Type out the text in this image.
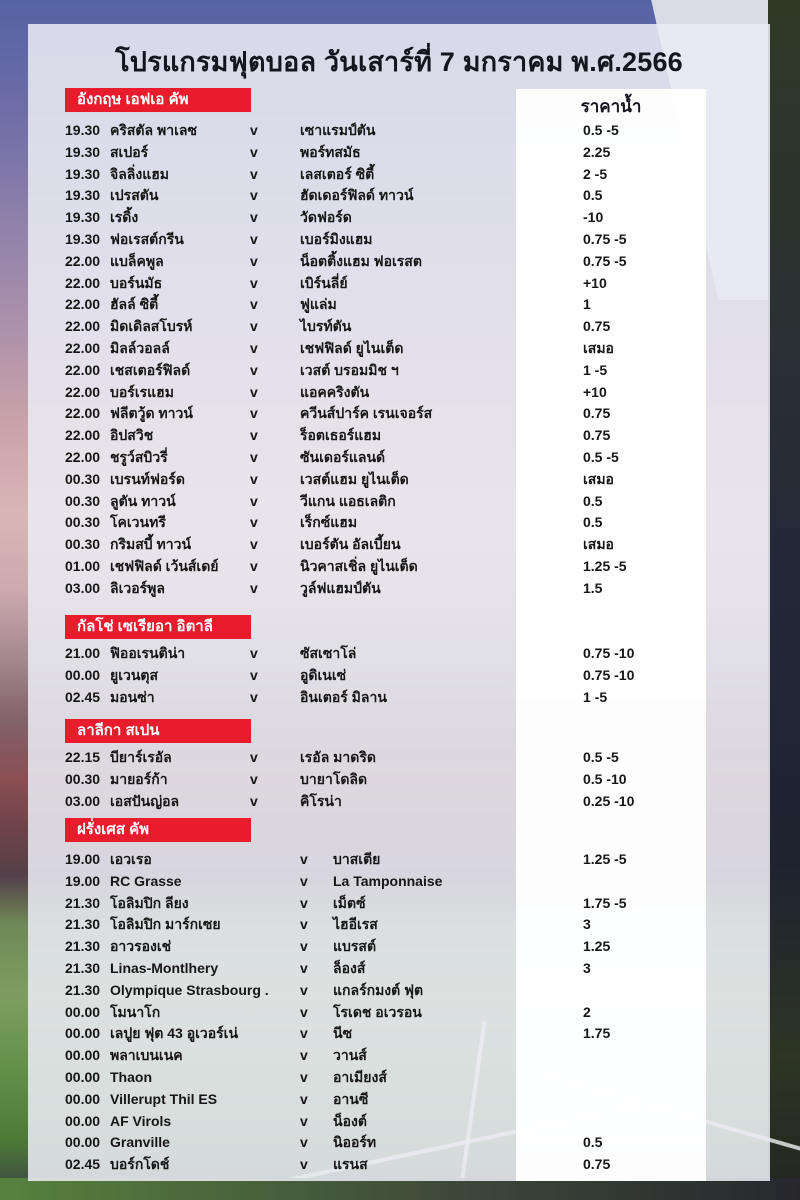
โปรแกรมฟุตบอล วันเสาร์ที่ 7 มกราคม พ.ศ.2566
ราคาน้ำ
อังกฤษ เอฟเอ คัพ
19.30 คริสตัล พาเลซ	v	เซาแรมป์ตัน	0.5 -5
19.30 สเปอร์	v	พอร์ทสมัธ	2.25
19.30 จิลลิ่งแฮม	v	เลสเตอร์ ซิตี้	2 -5
19.30 เปรสตัน	v	ฮัดเดอร์ฟิลด์ ทาวน์	0.5
19.30 เรดิ้ง	v	วัดฟอร์ด	-10
19.30 ฟอเรสต์กรีน	v	เบอร์มิงแฮม	0.75 -5
22.00 แบล็คพูล	v	น็อตติ้งแฮม ฟอเรสต	0.75 -5
22.00 บอร์นมัธ	v	เบิร์นลี่ย์	+10
22.00 ฮัลล์ ซิตี้	v	ฟูแล่ม	1
22.00 มิดเดิลสโบรห์	v	ไบรท์ตัน	0.75
22.00 มิลล์วอลล์	v	เชฟฟิลด์ ยูไนเต็ด	เสมอ
22.00 เชสเตอร์ฟิลด์	v	เวสต์ บรอมมิช ฯ	1 -5
22.00 บอร์เรแฮม	v	แอคคริงตัน	+10
22.00 ฟลีตวู้ด ทาวน์	v	ควีนส์ปาร์ค เรนเจอร์ส	0.75
22.00 อิปสวิช	v	ร็อตเธอร์แฮม	0.75
22.00 ชรูว์สบิวรี่	v	ซันเดอร์แลนด์	0.5 -5
00.30 เบรนท์ฟอร์ด	v	เวสต์แฮม ยูไนเต็ด	เสมอ
00.30 ลูตัน ทาวน์	v	วีแกน แอธเลติก	0.5
00.30 โคเวนทรี	v	เร็กซ์แฮม	0.5
00.30 กริมสบี้ ทาวน์	v	เบอร์ตัน อัลเบี้ยน	เสมอ
01.00 เชฟฟิลด์ เว้นส์เดย์ v	นิวคาสเชิ่ล ยูไนเต็ด	1.25 -5
03.00 ลิเวอร์พูล	v	วูล์ฟแฮมป์ตัน	1.5
กัลโช่ เซเรียอา อิตาลี
21.00 ฟิออเรนติน่า	v	ซัสเซาโล่	0.75 -10
00.00 ยูเวนตุส	v	อูดิเนเซ่	0.75 -10
02.45 มอนซ่า	v	อินเตอร์ มิลาน	1 -5
ลาลีกา สเปน
22.15 บียาร์เรอัล	v	เรอัล มาดริด	0.5 -5
00.30 มายอร์ก้า	v	บายาโดลิด	0.5 -10
03.00 เอสปันญ่อล	v	คิโรน่า	0.25 -10
ฝรั่งเศส คัพ
19.00 เอวเรอ	v บาสเตีย	1.25 -5
19.00 RC Grasse	v La Tamponnaise
21.30 โอลิมปิก ลียง	v เม็ตซ์	1.75 -5
21.30 โอลิมปิก มาร์กเซย	v ไฮอีเรส	3
21.30 อาวรองเช่	v แบรสต์	1.25
21.30 Linas-Montlhery	v ล็องส์	3
21.30 Olympique Strasbourg . v แกลร์กมงต์ ฟุต
00.00 โมนาโก	v โรเดช อเวรอน	2
00.00 เลปูย ฟุต 43 อูเวอร์เน่	v นีซ	1.75
00.00 พลาเบนเนค	v วานส์
00.00 Thaon	v อาเมียงส์
00.00 Villerupt Thil ES	v อานซี
00.00 AF Virols	v น็องต์
00.00 Granville	v นิออร์ท	0.5
02.45 บอร์กโดช์	v แรนส	0.75
